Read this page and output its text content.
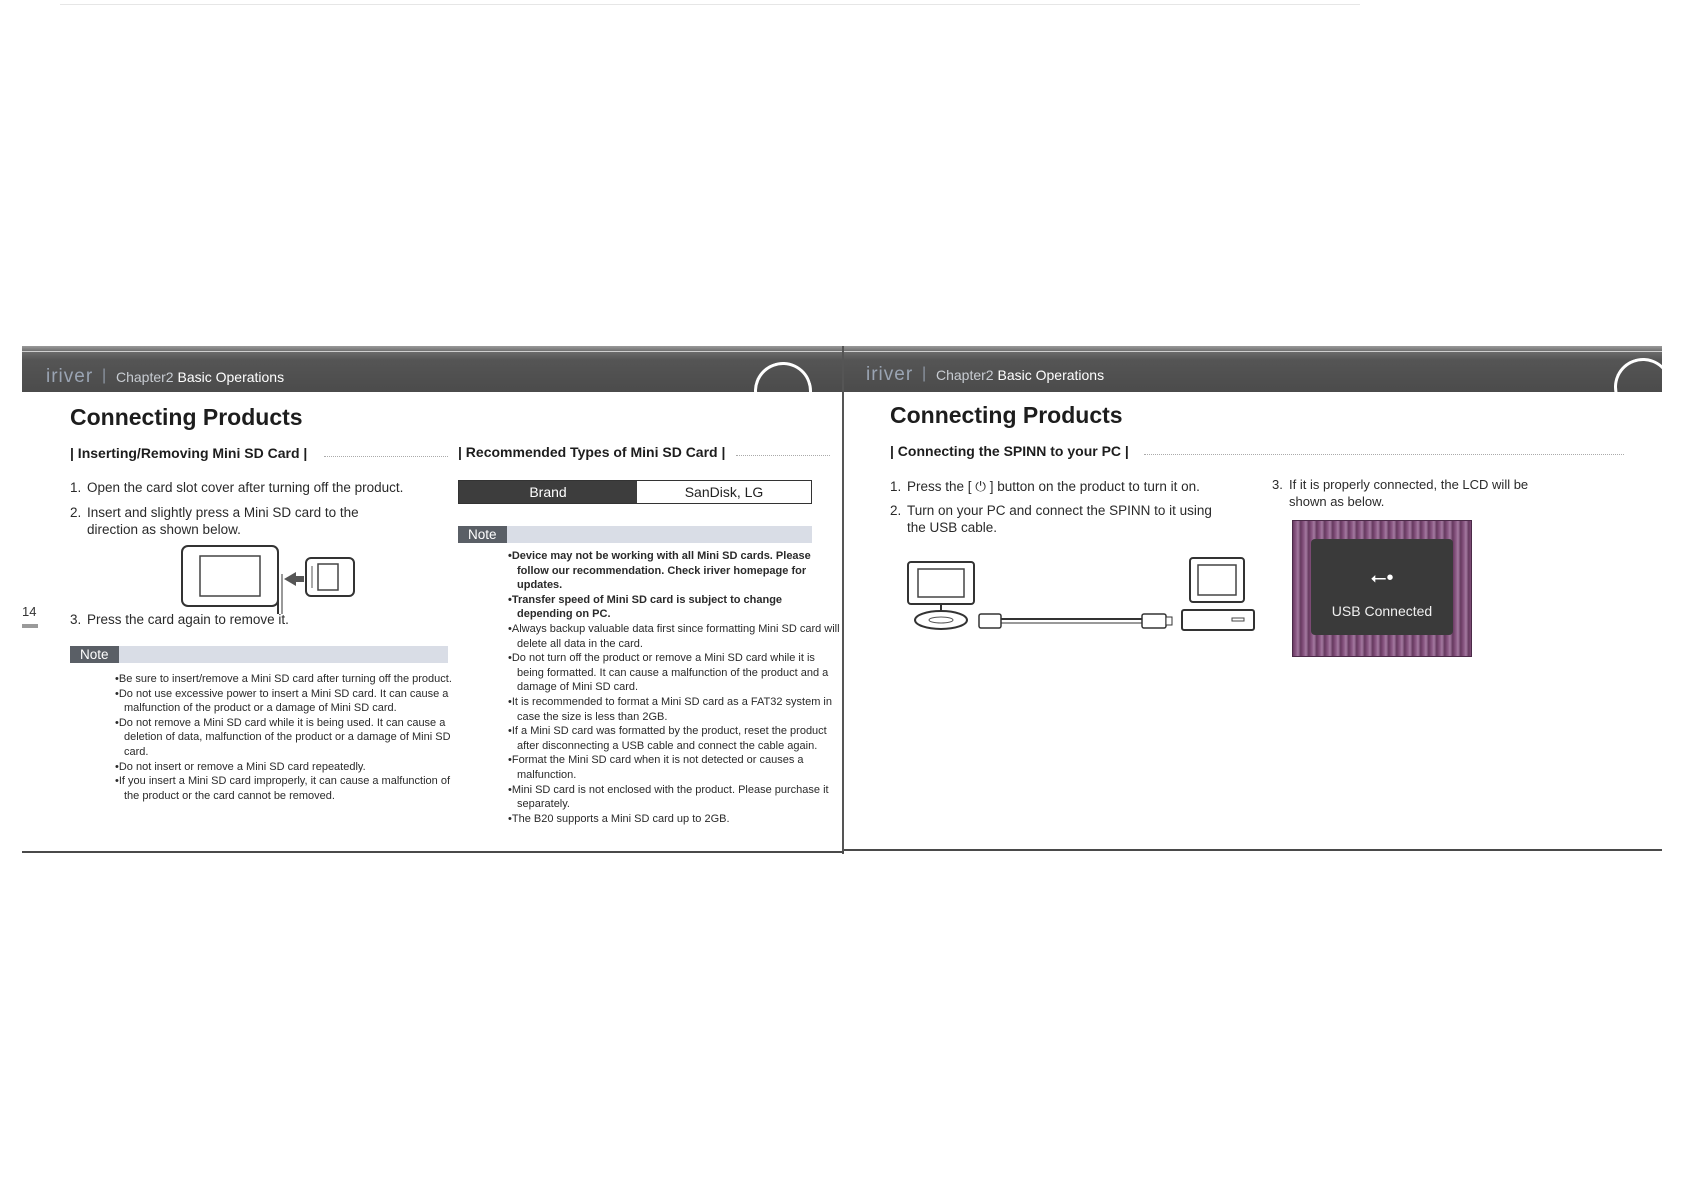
iriver | Chapter2 Basic Operations	iriver | Chapter2 Basic Operations
Connecting Products
| Inserting/Removing Mini SD Card |
1. Open the card slot cover after turning off the product.
2. Insert and slightly press a Mini SD card to the
direction as shown below.
14
3. Press the card again to remove it.
Note
• Be sure to insert/remove a Mini SD card after turning off the product.
• Do not use excessive power to insert a Mini SD card. It can cause a malfunction of the product or a damage of Mini SD card.
• Do not remove a Mini SD card while it is being used. It can cause a deletion of data, malfunction of the product or a damage of Mini SD card.
• Do not insert or remove a Mini SD card repeatedly.
• If you insert a Mini SD card improperly, it can cause a malfunction of the product or the card cannot be removed.
| Recommended Types of Mini SD Card |
Brand	SanDisk, LG
Note
• Device may not be working with all Mini SD cards. Please follow our recommendation. Check iriver homepage for updates.
• Transfer speed of Mini SD card is subject to change depending on PC.
• Always backup valuable data first since formatting Mini SD card will delete all data in the card.
• Do not turn off the product or remove a Mini SD card while it is being formatted. It can cause a malfunction of the product and a damage of Mini SD card.
• It is recommended to format a Mini SD card as a FAT32 system in case the size is less than 2GB.
• If a Mini SD card was formatted by the product, reset the product after disconnecting a USB cable and connect the cable again.
• Format the Mini SD card when it is not detected or causes a malfunction.
• Mini SD card is not enclosed with the product. Please purchase it separately.
• The B20 supports a Mini SD card up to 2GB.
Connecting Products
| Connecting the SPINN to your PC |
1. Press the [ ⏻ ] button on the product to turn it on.
2. Turn on your PC and connect the SPINN to it using
the USB cable.
3. If it is properly connected, the LCD will be
shown as below.
⭠•
USB Connected
